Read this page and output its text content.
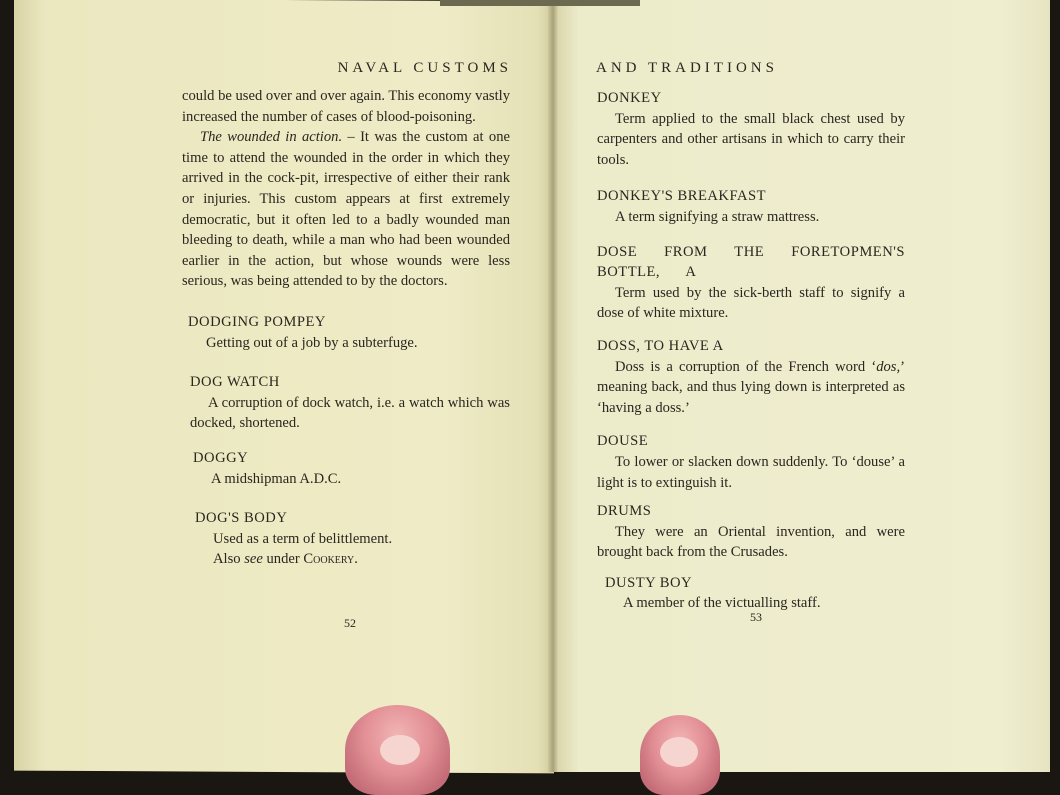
NAVAL CUSTOMS

could be used over and over again. This economy vastly increased the number of cases of blood-poisoning.

The wounded in action. – It was the custom at one time to attend the wounded in the order in which they arrived in the cock-pit, irrespective of either their rank or injuries. This custom appears at first extremely democratic, but it often led to a badly wounded man bleeding to death, while a man who had been wounded earlier in the action, but whose wounds were less serious, was being attended to by the doctors.

DODGING POMPEY

Getting out of a job by a subterfuge.

DOG WATCH

A corruption of dock watch, i.e. a watch which was docked, shortened.

DOGGY

A midshipman A.D.C.

DOG'S BODY

Used as a term of belittlement.

Also see under Cookery.

52
AND TRADITIONS
DONKEY

Term applied to the small black chest used by carpenters and other artisans in which to carry their tools.

DONKEY'S BREAKFAST

A term signifying a straw mattress.

DOSE FROM THE FORETOPMEN'S BOTTLE, A

Term used by the sick-berth staff to signify a dose of white mixture.

DOSS, TO HAVE A

Doss is a corruption of the French word ‘dos,’ meaning back, and thus lying down is interpreted as ‘having a doss.’

DOUSE

To lower or slacken down suddenly. To ‘douse’ a light is to extinguish it.

DRUMS

They were an Oriental invention, and were brought back from the Crusades.

DUSTY BOY

A member of the victualling staff.

53
